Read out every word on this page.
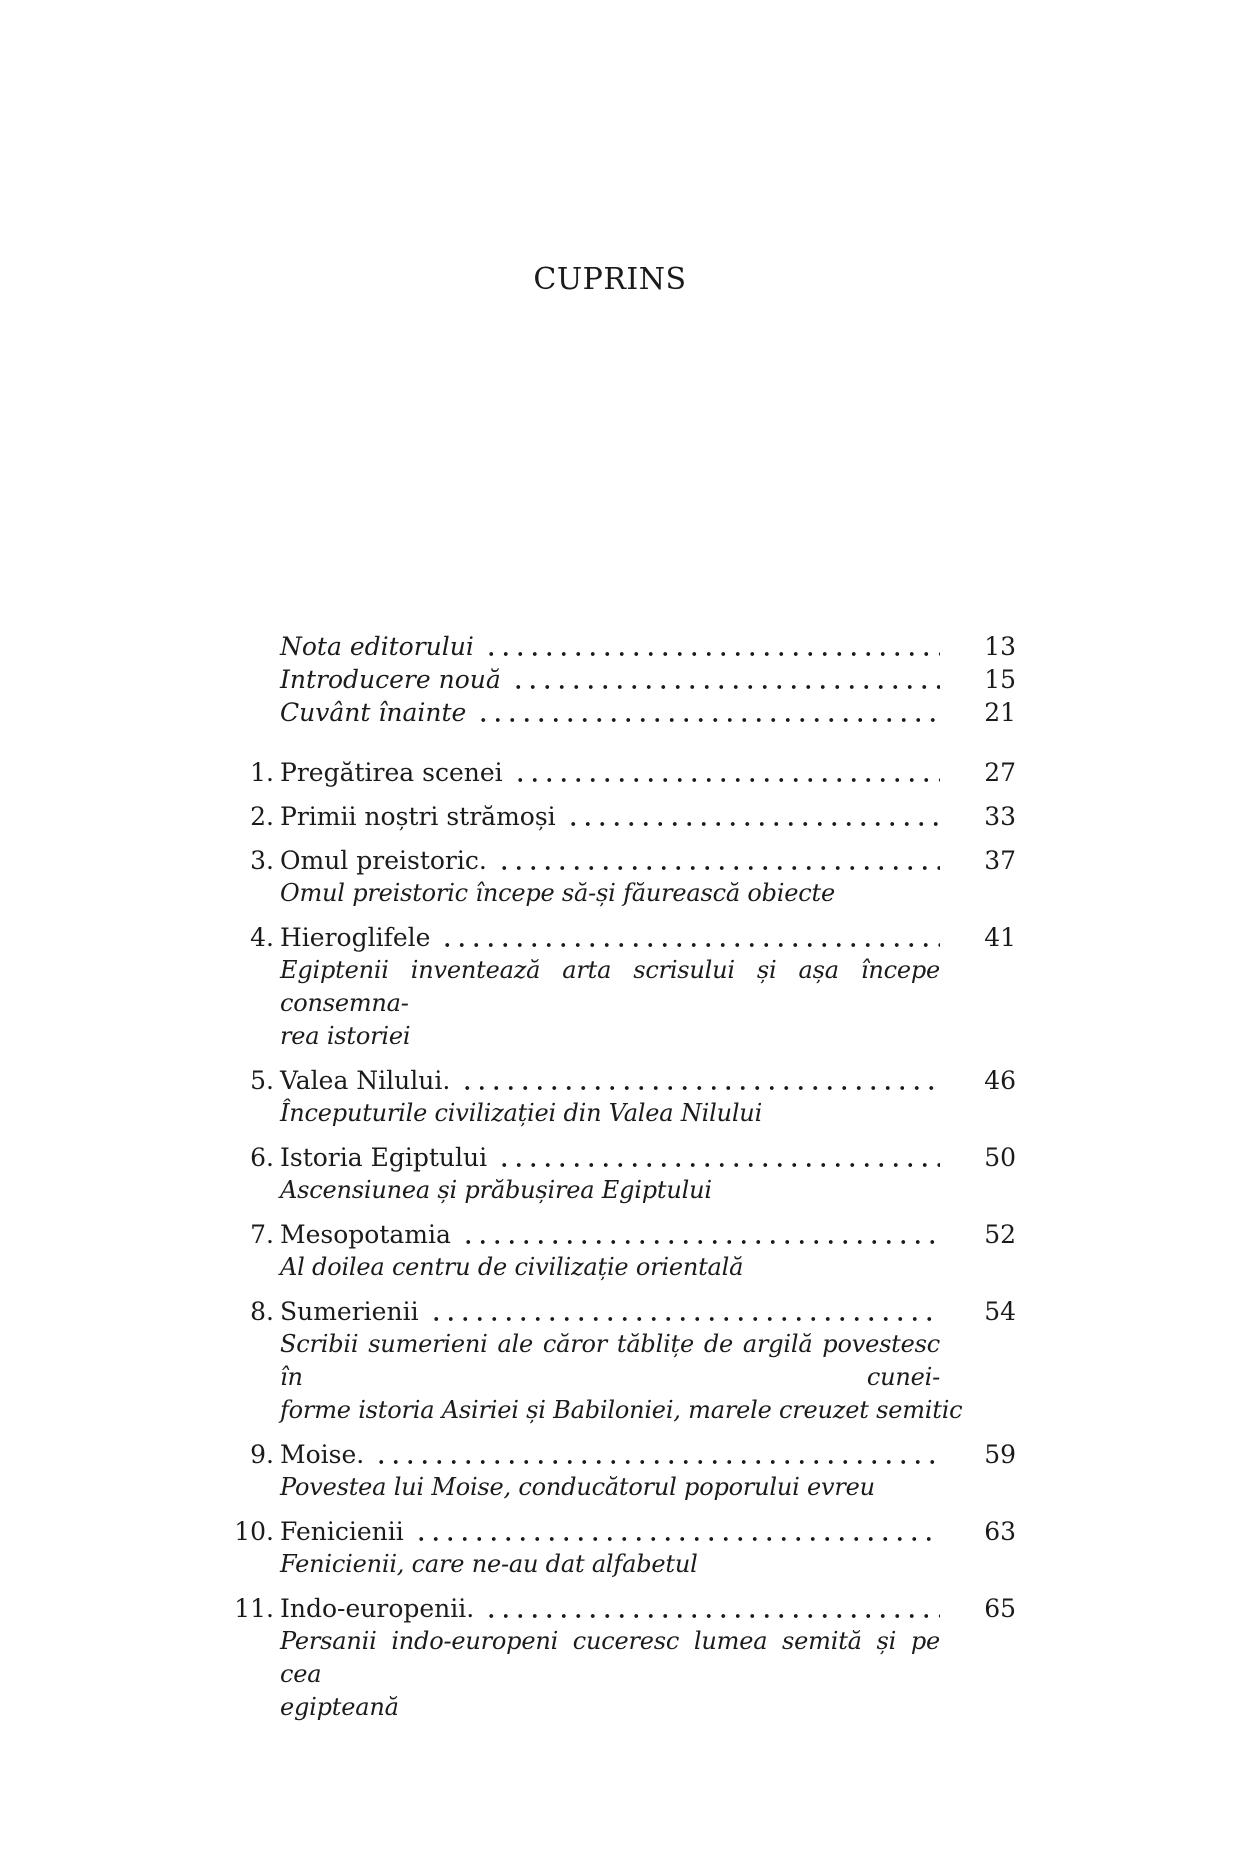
CUPRINS
Nota editorului	13
Introducere nouă	15
Cuvânt înainte	21
1. Pregătirea scenei	27
2. Primii noștri strămoși	33
3. Omul preistoric.	37
Omul preistoric începe să-și făurească obiecte
4. Hieroglifele	41
Egiptenii inventează arta scrisului și așa începe consemna-
rea istoriei
5. Valea Nilului.	46
Începuturile civilizației din Valea Nilului
6. Istoria Egiptului	50
Ascensiunea și prăbușirea Egiptului
7. Mesopotamia	52
Al doilea centru de civilizație orientală
8. Sumerienii	54
Scribii sumerieni ale căror tăblițe de argilă povestesc în cunei-
forme istoria Asiriei și Babiloniei, marele creuzet semitic
9. Moise.	59
Povestea lui Moise, conducătorul poporului evreu
10. Fenicienii	63
Fenicienii, care ne-au dat alfabetul
11. Indo-europenii.	65
Persanii indo-europeni cuceresc lumea semită și pe cea
egipteană
